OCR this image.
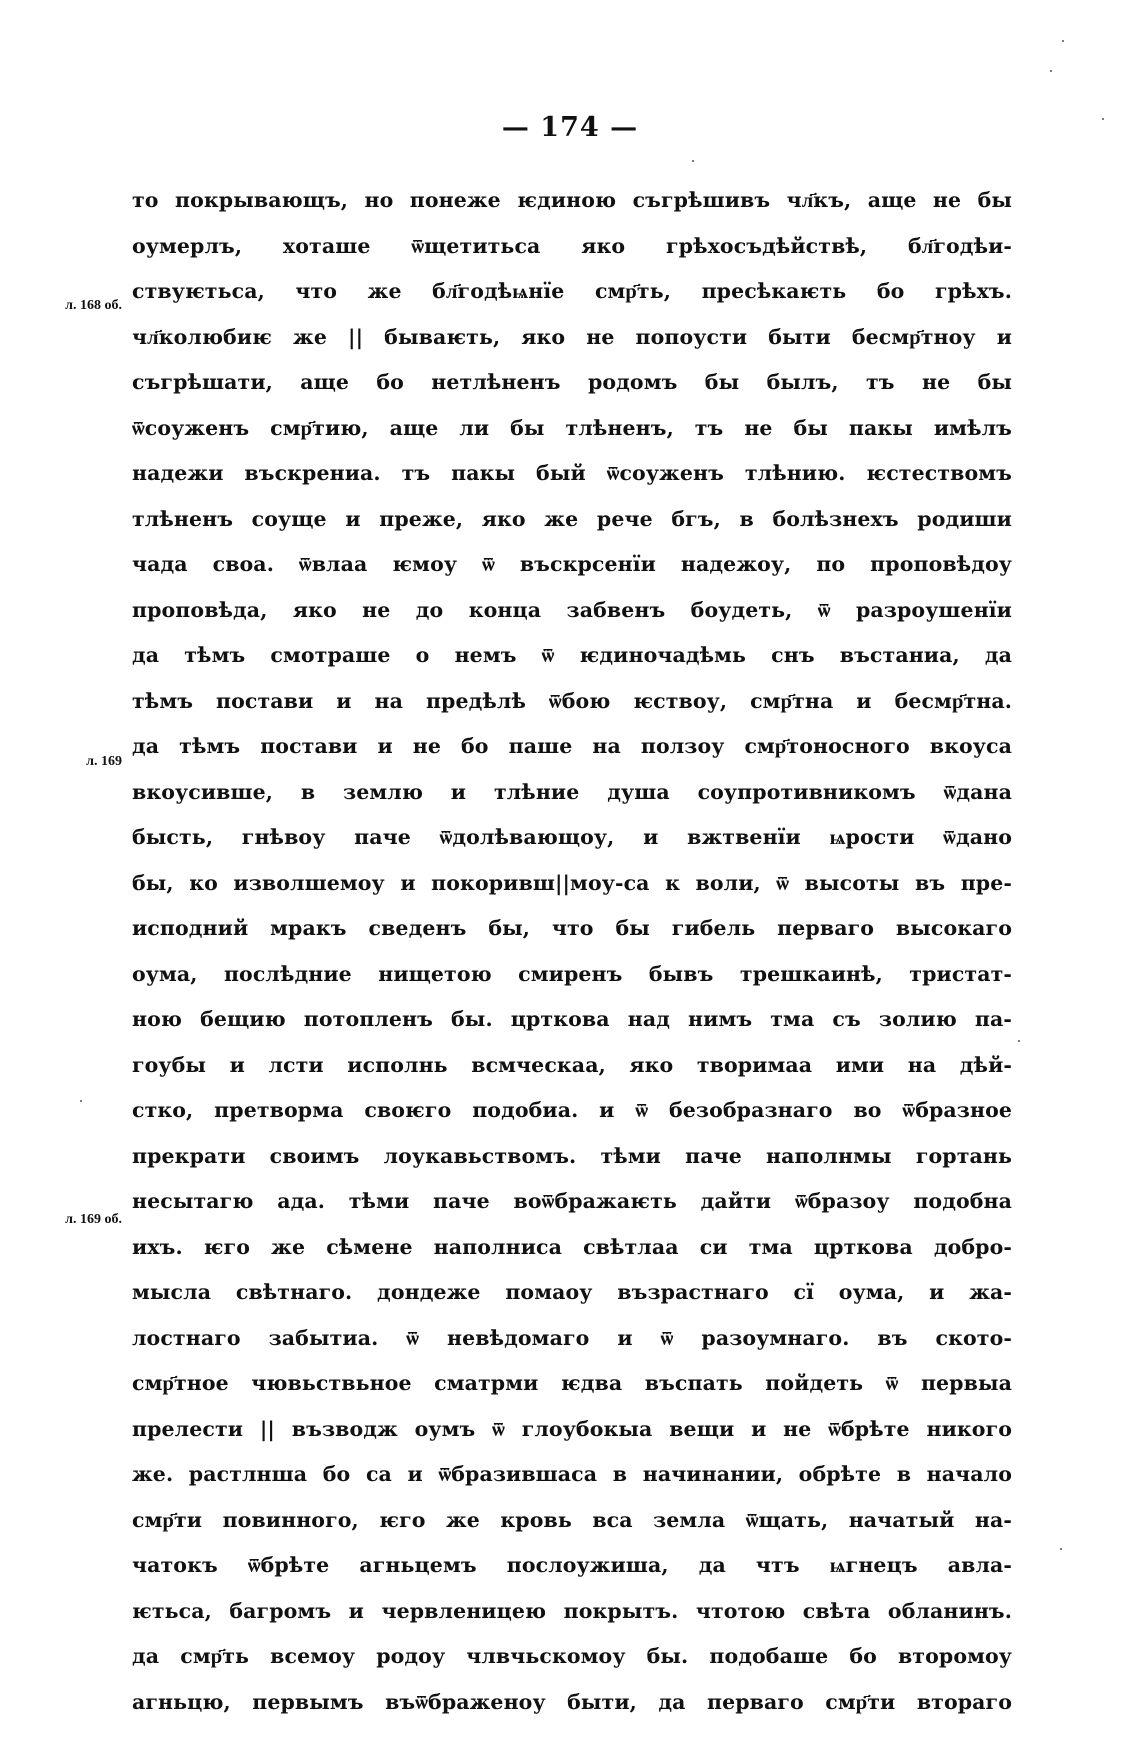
— 174 —
л. 168 об.
л. 169
л. 169 об.
то покрывающъ, но понеже ѥдиною съгрѣшивъ чл҃къ, аще не бы
оумерлъ, хоташе ѿщетитьса яко грѣхосъдѣйствѣ, бл҃годѣи-
ствуѥтьса, что же бл҃годѣѩнїе смр҃ть, пресѣкаѥть бо грѣхъ.
чл҃колюбиѥ же || бываѥть, яко не попоусти быти бесмр҃тноу и
съгрѣшати, аще бо нетлѣненъ родомъ бы былъ, тъ не бы
ѿсоуженъ смр҃тию, аще ли бы тлѣненъ, тъ не бы пакы имѣлъ
надежи въскрениа. тъ пакы бый ѿсоуженъ тлѣнию. ѥстествомъ
тлѣненъ соуще и преже, яко же рече бгъ, в болѣзнехъ родиши
чада своа. ѿвлаа ѥмоу ѿ въскрсенїи надежоу, по проповѣдоу
проповѣда, яко не до конца забвенъ боудеть, ѿ разроушенїи
да тѣмъ смотраше о немъ ѿ ѥдиночадѣмь снъ въстаниа, да
тѣмъ постави и на предѣлѣ ѿбою ѥствоу, смр҃тна и бесмр҃тна.
да тѣмъ постави и не бо паше на ползоу смр҃тоносного вкоуса
вкоусивше, в землю и тлѣние душа соупротивникомъ ѿдана
бысть, гнѣвоу паче ѿдолѣвающоу, и вжтвенїи ѩрости ѿдано
бы, ко изволшемоу и покоривш||моу-са к воли, ѿ высоты въ пре-
исподний мракъ сведенъ бы, что бы гибель перваго высокаго
оума, послѣдние нищетою смиренъ бывъ трешкаинѣ, тристат-
ною бещию потопленъ бы. црткова над нимъ тма съ золию па-
гоубы и лсти исполнь всмческаа, яко творимаа ими на дѣй-
стко, претворма своѥго подобиа. и ѿ безобразнаго во ѿбразное
прекрати своимъ лоукавьствомъ. тѣми паче наполнмы гортань
несытагю ада. тѣми паче воѿбражаѥть дайти ѿбразоу подобна
ихъ. ѥго же сѣмене наполниса свѣтлаа си тма црткова добро-
мысла свѣтнаго. дондеже помаоу възрастнаго сї оума, и жа-
лостнаго забытиа. ѿ невѣдомаго и ѿ разоумнаго. въ ското-
смр҃тное чювьствьное сматрми ѥдва въспать пойдеть ѿ первыа
прелести || възводж оумъ ѿ глоубокыа вещи и не ѿбрѣте никого
же. растлнша бо са и ѿбразившаса в начинании, обрѣте в начало
смр҃ти повинного, ѥго же кровь вса земла ѿщать, начатый на-
чатокъ ѿбрѣте агньцемъ послоужиша, да чтъ ѩгнецъ авла-
ѥтьса, багромъ и червленицею покрытъ. чтотою свѣта обланинъ.
да смр҃ть всемоу родоу члвчьскомоу бы. подобаше бо второмоу
агньцю, первымъ въѿбраженоу быти, да перваго смр҃ти втораго
